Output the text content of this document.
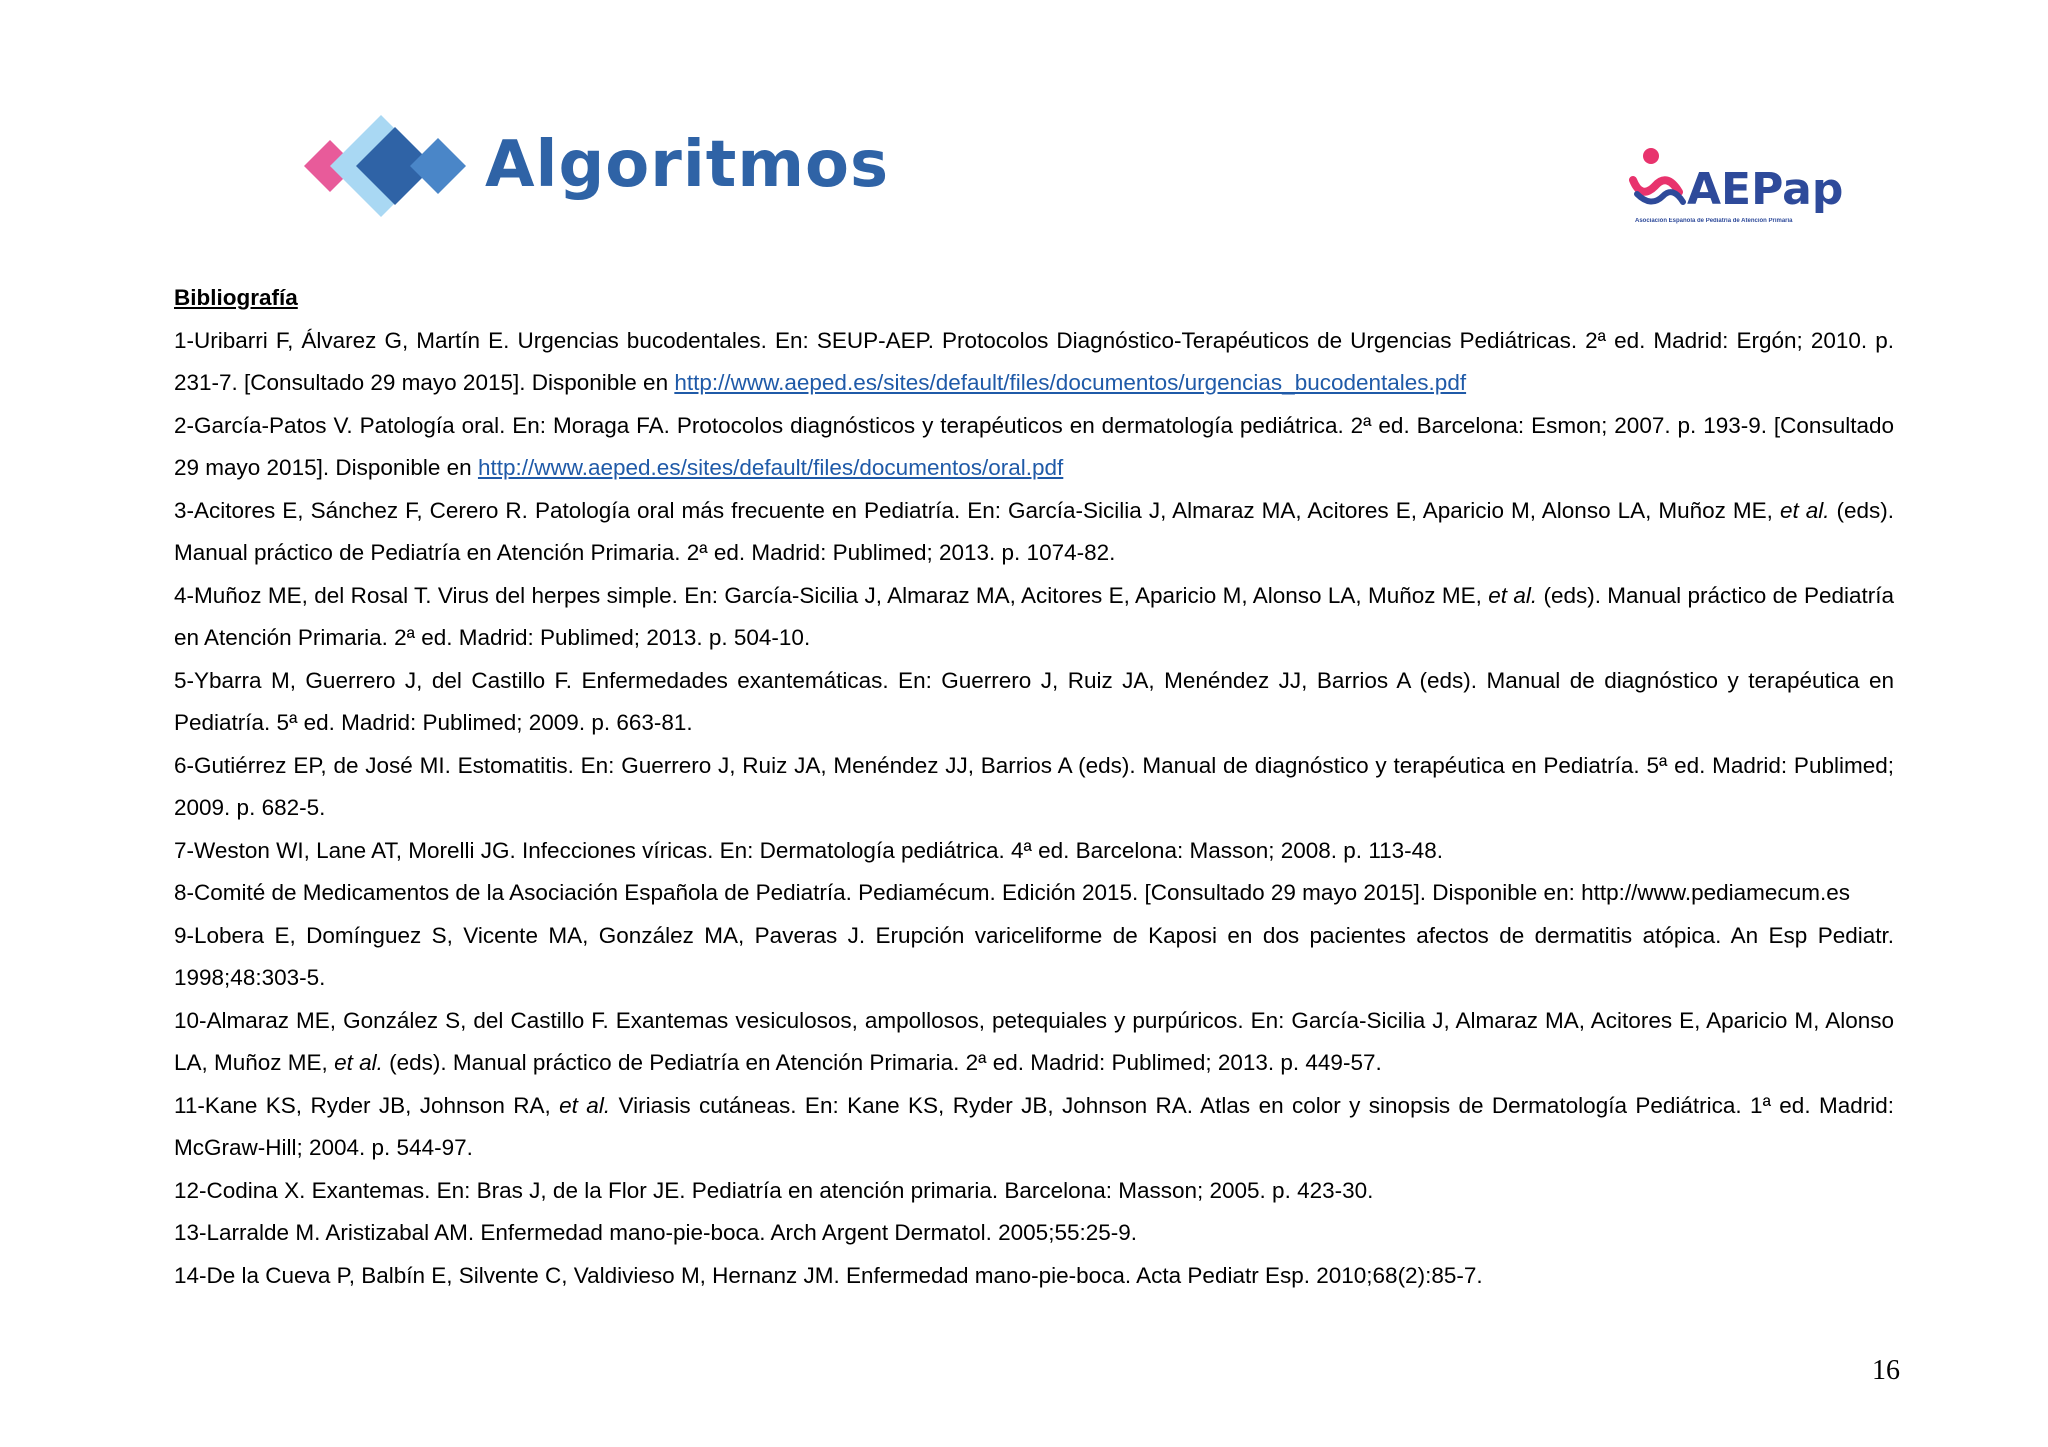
Algoritmos	AEPap
Asociación Española de Pediatría de Atención Primaria
Bibliografía
1-Uribarri F, Álvarez G, Martín E. Urgencias bucodentales. En: SEUP-AEP. Protocolos Diagnóstico-Terapéuticos de Urgencias Pediátricas. 2ª ed. Madrid: Ergón; 2010. p. 231-7. [Consultado 29 mayo 2015]. Disponible en http://www.aeped.es/sites/default/files/documentos/urgencias_bucodentales.pdf
2-García-Patos V. Patología oral. En: Moraga FA. Protocolos diagnósticos y terapéuticos en dermatología pediátrica. 2ª ed. Barcelona: Esmon; 2007. p. 193-9. [Consultado 29 mayo 2015]. Disponible en http://www.aeped.es/sites/default/files/documentos/oral.pdf
3-Acitores E, Sánchez F, Cerero R. Patología oral más frecuente en Pediatría. En: García-Sicilia J, Almaraz MA, Acitores E, Aparicio M, Alonso LA, Muñoz ME, et al. (eds). Manual práctico de Pediatría en Atención Primaria. 2ª ed. Madrid: Publimed; 2013. p. 1074-82.
4-Muñoz ME, del Rosal T. Virus del herpes simple. En: García-Sicilia J, Almaraz MA, Acitores E, Aparicio M, Alonso LA, Muñoz ME, et al. (eds). Manual práctico de Pediatría en Atención Primaria. 2ª ed. Madrid: Publimed; 2013. p. 504-10.
5-Ybarra M, Guerrero J, del Castillo F. Enfermedades exantemáticas. En: Guerrero J, Ruiz JA, Menéndez JJ, Barrios A (eds). Manual de diagnóstico y terapéutica en Pediatría. 5ª ed. Madrid: Publimed; 2009. p. 663-81.
6-Gutiérrez EP, de José MI. Estomatitis. En: Guerrero J, Ruiz JA, Menéndez JJ, Barrios A (eds). Manual de diagnóstico y terapéutica en Pediatría. 5ª ed. Madrid: Publimed; 2009. p. 682-5.
7-Weston WI, Lane AT, Morelli JG. Infecciones víricas. En: Dermatología pediátrica. 4ª ed. Barcelona: Masson; 2008. p. 113-48.
8-Comité de Medicamentos de la Asociación Española de Pediatría. Pediamécum. Edición 2015. [Consultado 29 mayo 2015]. Disponible en: http://www.pediamecum.es
9-Lobera E, Domínguez S, Vicente MA, González MA, Paveras J. Erupción variceliforme de Kaposi en dos pacientes afectos de dermatitis atópica. An Esp Pediatr. 1998;48:303-5.
10-Almaraz ME, González S, del Castillo F. Exantemas vesiculosos, ampollosos, petequiales y purpúricos. En: García-Sicilia J, Almaraz MA, Acitores E, Aparicio M, Alonso LA, Muñoz ME, et al. (eds). Manual práctico de Pediatría en Atención Primaria. 2ª ed. Madrid: Publimed; 2013. p. 449-57.
11-Kane KS, Ryder JB, Johnson RA, et al. Viriasis cutáneas. En: Kane KS, Ryder JB, Johnson RA. Atlas en color y sinopsis de Dermatología Pediátrica. 1ª ed. Madrid: McGraw-Hill; 2004. p. 544-97.
12-Codina X. Exantemas. En: Bras J, de la Flor JE. Pediatría en atención primaria. Barcelona: Masson; 2005. p. 423-30.
13-Larralde M. Aristizabal AM. Enfermedad mano-pie-boca. Arch Argent Dermatol. 2005;55:25-9.
14-De la Cueva P, Balbín E, Silvente C, Valdivieso M, Hernanz JM. Enfermedad mano-pie-boca. Acta Pediatr Esp. 2010;68(2):85-7.
16
